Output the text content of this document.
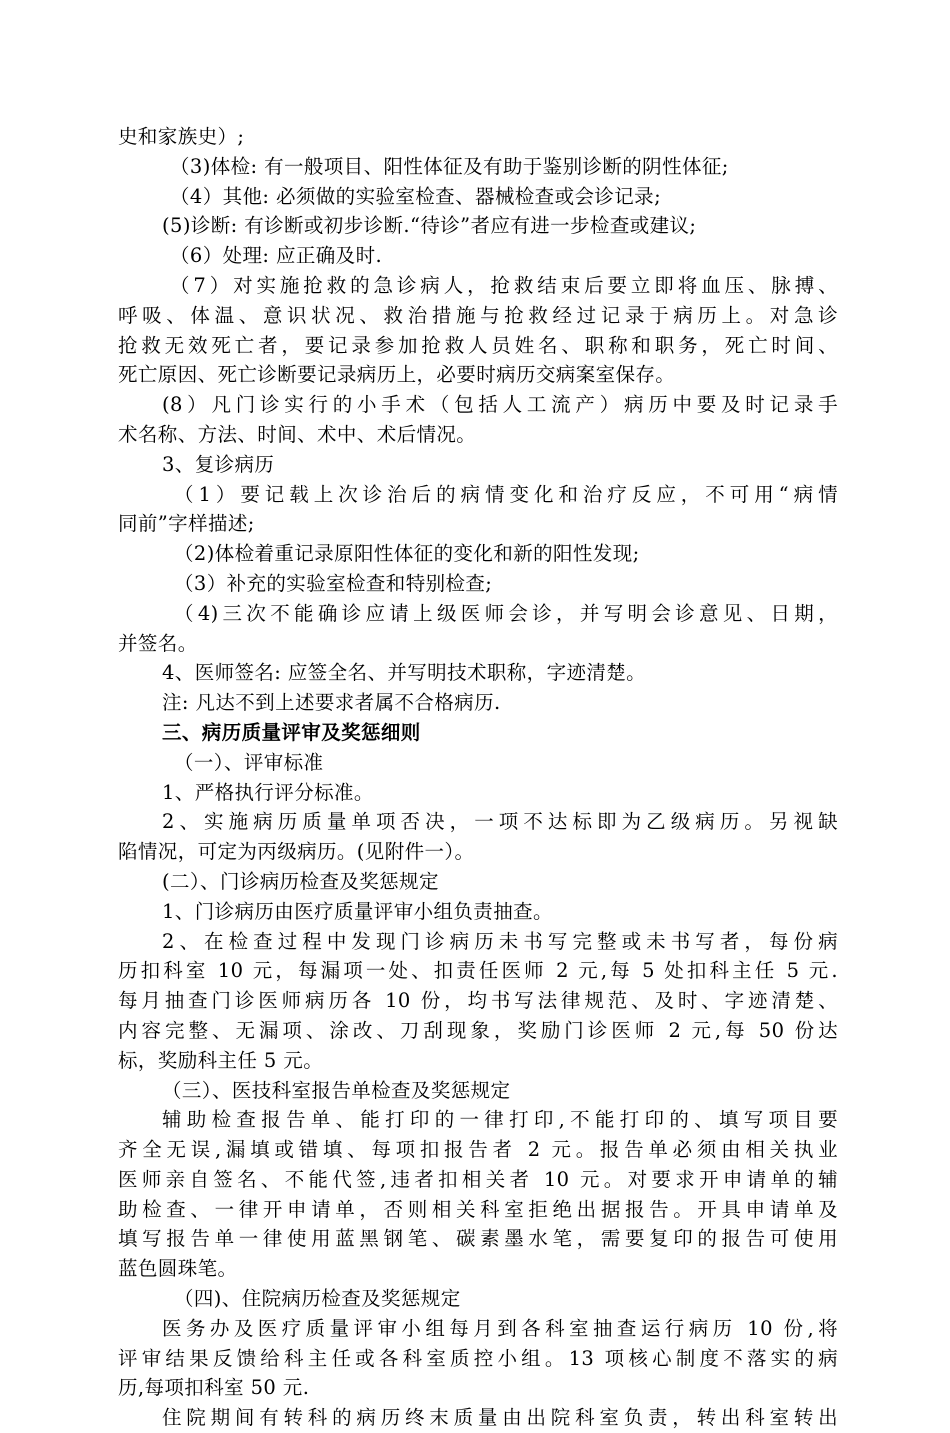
史和家族史）;
（3)体检: 有一般项目、阳性体征及有助于鉴别诊断的阴性体征;
（4）其他: 必须做的实验室检查、器械检查或会诊记录;
(5)诊断: 有诊断或初步诊断.“待诊”者应有进一步检查或建议;
（6）处理: 应正确及时.
（7）对实施抢救的急诊病人，抢救结束后要立即将血压、脉搏、
呼吸、体温、意识状况、救治措施与抢救经过记录于病历上。对急诊
抢救无效死亡者，要记录参加抢救人员姓名、职称和职务，死亡时间、
死亡原因、死亡诊断要记录病历上，必要时病历交病案室保存。
(8）凡门诊实行的小手术（包括人工流产）病历中要及时记录手
术名称、方法、时间、术中、术后情况。
3、复诊病历
（1）要记载上次诊治后的病情变化和治疗反应，不可用“病情
同前”字样描述;
（2)体检着重记录原阳性体征的变化和新的阳性发现;
（3）补充的实验室检查和特别检查;
（4)三次不能确诊应请上级医师会诊，并写明会诊意见、日期，
并签名。
4、医师签名: 应签全名、并写明技术职称，字迹清楚。
注: 凡达不到上述要求者属不合格病历.
三、病历质量评审及奖惩细则
（一）、评审标准
1、严格执行评分标准。
2、实施病历质量单项否决，一项不达标即为乙级病历。另视缺
陷情况，可定为丙级病历。(见附件一）。
(二）、门诊病历检查及奖惩规定
1、门诊病历由医疗质量评审小组负责抽查。
2、在检查过程中发现门诊病历未书写完整或未书写者，每份病
历扣科室 10 元，每漏项一处、扣责任医师 2 元,每 5 处扣科主任 5 元.
每月抽查门诊医师病历各 10 份，均书写法律规范、及时、字迹清楚、
内容完整、无漏项、涂改、刀刮现象，奖励门诊医师 2 元,每 50 份达
标，奖励科主任 5 元。
（三）、医技科室报告单检查及奖惩规定
辅助检查报告单、能打印的一律打印,不能打印的、填写项目要
齐全无误,漏填或错填、每项扣报告者 2 元。报告单必须由相关执业
医师亲自签名、不能代签,违者扣相关者 10 元。对要求开申请单的辅
助检查、一律开申请单，否则相关科室拒绝出据报告。开具申请单及
填写报告单一律使用蓝黑钢笔、碳素墨水笔，需要复印的报告可使用
蓝色圆珠笔。
（四)、住院病历检查及奖惩规定
医务办及医疗质量评审小组每月到各科室抽查运行病历 10 份,将
评审结果反馈给科主任或各科室质控小组。13 项核心制度不落实的病
历,每项扣科室 50 元.
住院期间有转科的病历终末质量由出院科室负责，转出科室转出
